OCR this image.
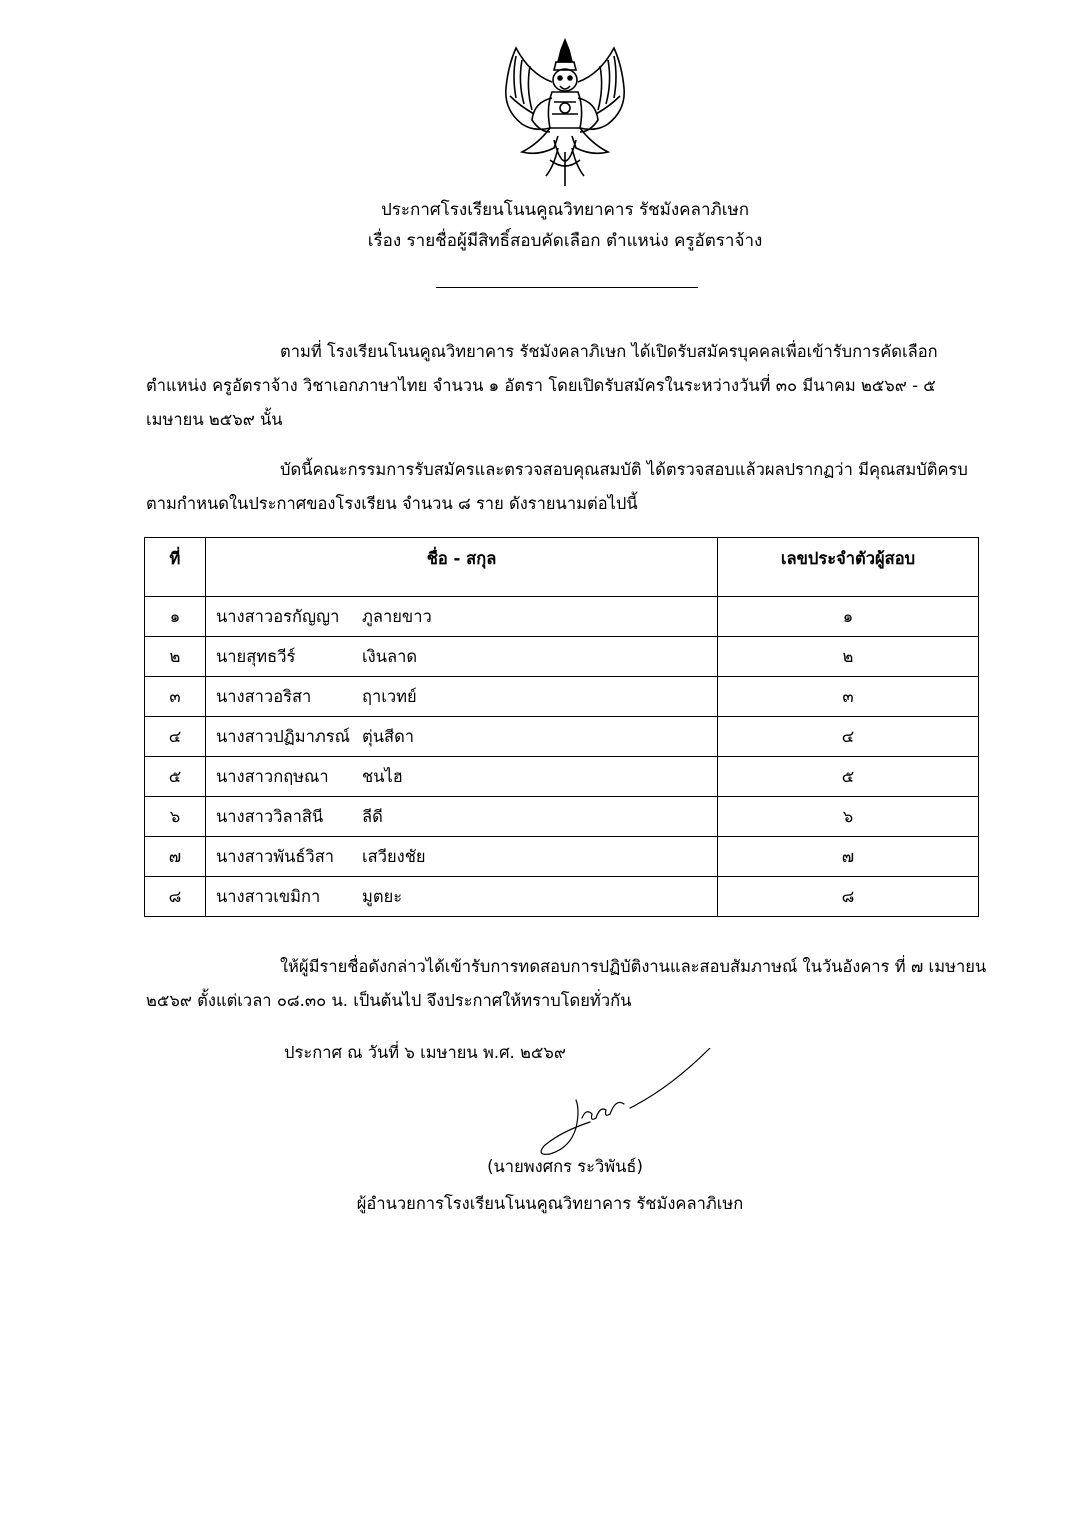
ประกาศโรงเรียนโนนคูณวิทยาคาร รัชมังคลาภิเษก
เรื่อง รายชื่อผู้มีสิทธิ์สอบคัดเลือก ตำแหน่ง ครูอัตราจ้าง
ตามที่ โรงเรียนโนนคูณวิทยาคาร รัชมังคลาภิเษก ได้เปิดรับสมัครบุคคลเพื่อเข้ารับการคัดเลือก ตำแหน่ง ครูอัตราจ้าง วิชาเอกภาษาไทย จำนวน ๑ อัตรา โดยเปิดรับสมัครในระหว่างวันที่ ๓๐ มีนาคม ๒๕๖๙ - ๕ เมษายน ๒๕๖๙ นั้น
บัดนี้คณะกรรมการรับสมัครและตรวจสอบคุณสมบัติ ได้ตรวจสอบแล้วผลปรากฏว่า มีคุณสมบัติครบตามกำหนดในประกาศของโรงเรียน จำนวน ๘ ราย ดังรายนามต่อไปนี้
ที่	ชื่อ - สกุล	เลขประจำตัวผู้สอบ
๑	นางสาวอรกัญญา ภูลายขาว	๑
๒	นายสุทธวีร์ เงินลาด	๒
๓	นางสาวอริสา ฤาเวทย์	๓
๔	นางสาวปฏิมาภรณ์ ตุ่นสีดา	๔
๕	นางสาวกฤษณา ชนไฮ	๕
๖	นางสาววิลาสินี ลีดี	๖
๗	นางสาวพันธ์วิสา เสวียงชัย	๗
๘	นางสาวเขมิกา มูตยะ	๘
ให้ผู้มีรายชื่อดังกล่าวได้เข้ารับการทดสอบการปฏิบัติงานและสอบสัมภาษณ์ ในวันอังคาร ที่ ๗ เมษายน ๒๕๖๙ ตั้งแต่เวลา ๐๘.๓๐ น. เป็นต้นไป จึงประกาศให้ทราบโดยทั่วกัน
ประกาศ ณ วันที่ ๖ เมษายน พ.ศ. ๒๕๖๙
(นายพงศกร ระวิพันธ์)
ผู้อำนวยการโรงเรียนโนนคูณวิทยาคาร รัชมังคลาภิเษก
